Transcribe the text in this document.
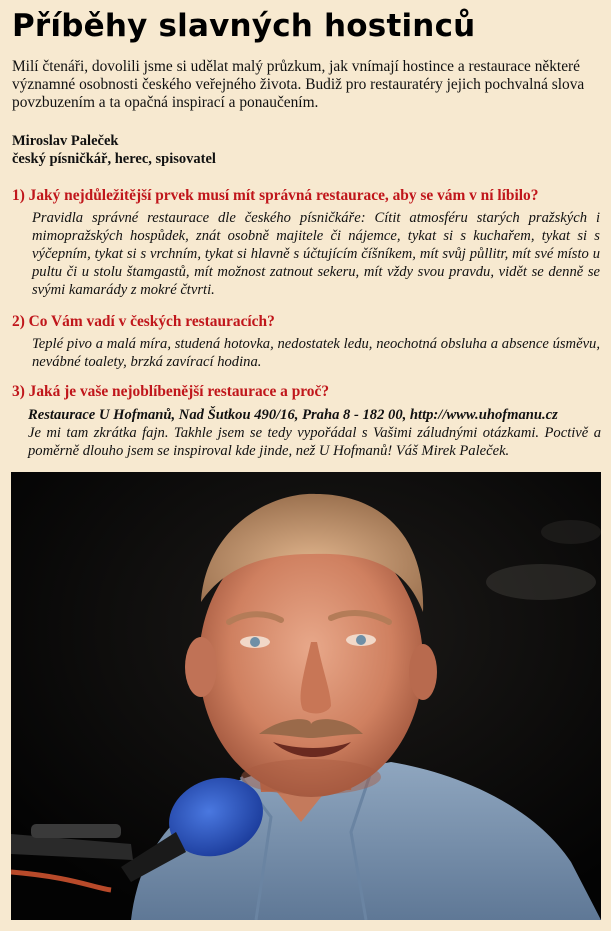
Příběhy slavných hostinců
Milí čtenáři, dovolili jsme si udělat malý průzkum, jak vnímají hostince a restaurace některé významné osobnosti českého veřejného života. Budiž pro restauratéry jejich pochvalná slova povzbuzením a ta opačná inspirací a ponaučením.
Miroslav Paleček
český písničkář, herec, spisovatel
1) Jaký nejdůležitější prvek musí mít správná restaurace, aby se vám v ní líbilo?

Pravidla správné restaurace dle českého písničkáře: Cítit atmosféru starých pražských i mimopražských hospůdek, znát osobně majitele či nájemce, tykat si s kuchařem, tykat si s výčepním, tykat si s vrchním, tykat si hlavně s účtujícím číšníkem, mít svůj půllitr, mít své místo u pultu či u stolu štamgastů, mít možnost zatnout sekeru, mít vždy svou pravdu, vidět se denně se svými kamarády z mokré čtvrti.

2) Co Vám vadí v českých restauracích?

Teplé pivo a malá míra, studená hotovka, nedostatek ledu, neochotná obsluha a absence úsměvu, nevábné toalety, brzká zavírací hodina.

3) Jaká je vaše nejoblíbenější restaurace a proč?

Restaurace U Hofmanů, Nad Šutkou 490/16, Praha 8 - 182 00, http://www.uhofmanu.cz

Je mi tam zkrátka fajn. Takhle jsem se tedy vypořádal s Vašimi záludnými otázkami. Poctivě a poměrně dlouho jsem se inspiroval kde jinde, než U Hofmanů! Váš Mirek Paleček.
